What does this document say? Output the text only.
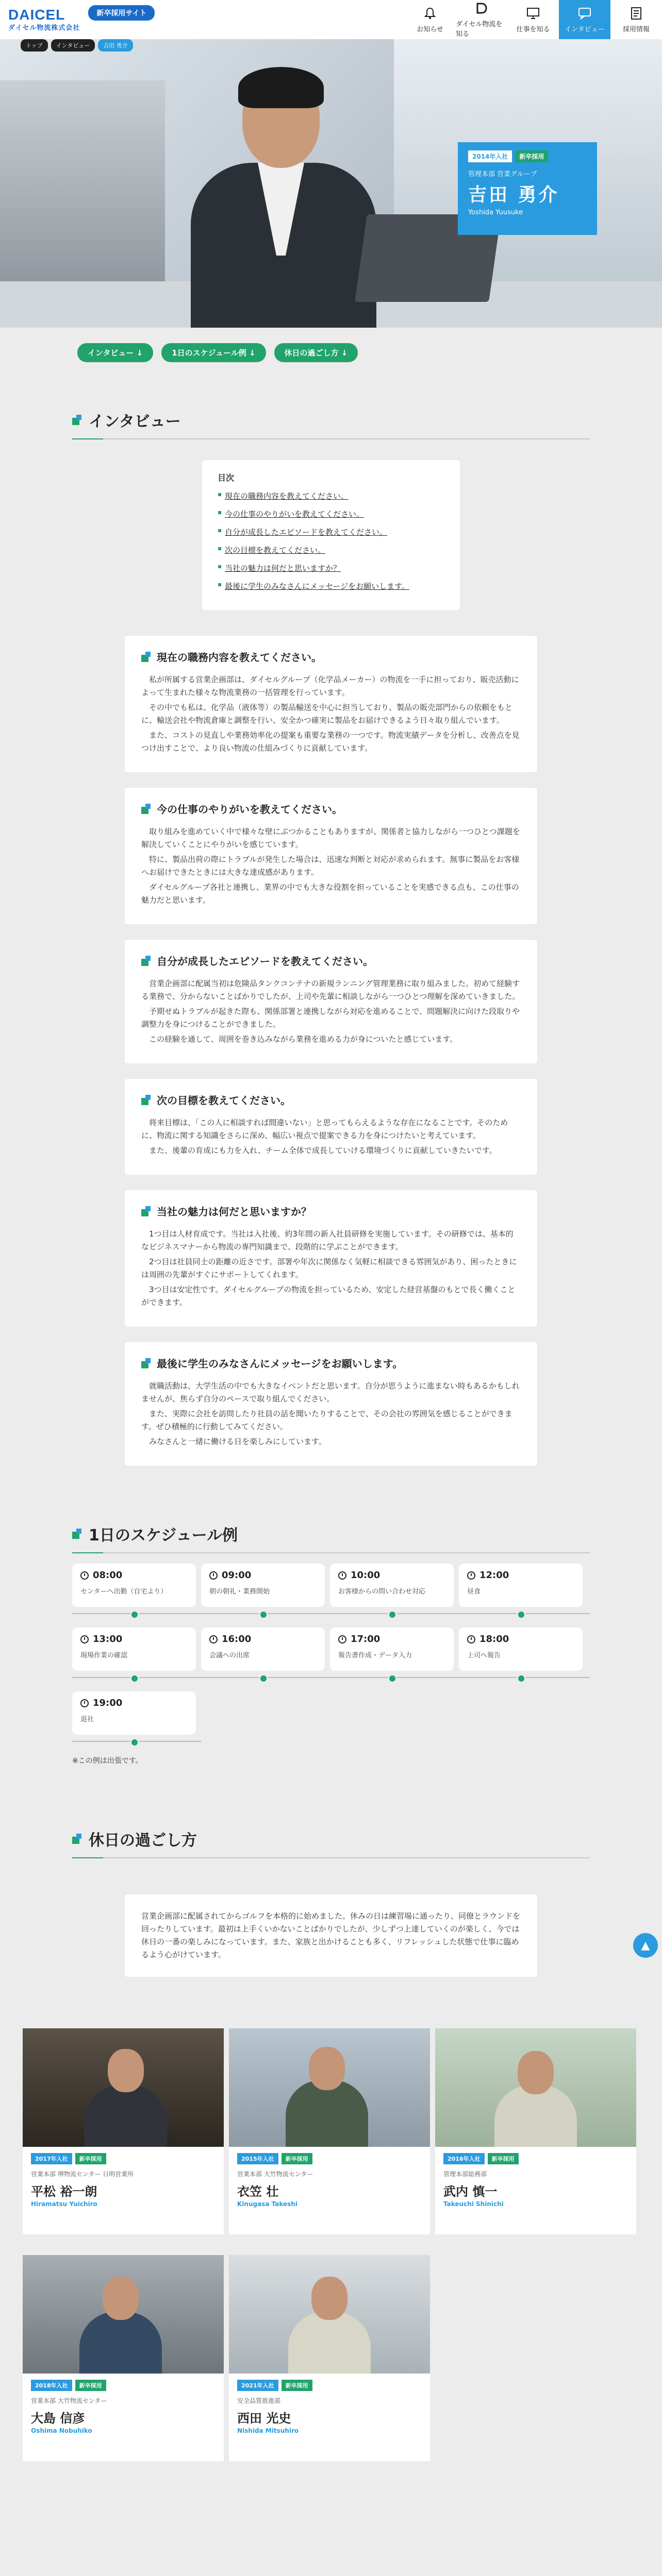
DAICEL
ダイセル物流株式会社
新卒採用サイト
お知らせ
ダイセル物流を知る
仕事を知る インタビュー	採用情報
トップ	インタビュー	吉田 勇介
2014年入社	新卒採用
管理本部 営業グループ
吉田 勇介
Yoshida Yuusuke
インタビュー ↓	1日のスケジュール例 ↓	休日の過ごし方 ↓
インタビュー
目次
▪ 現在の職務内容を教えてください。
▪ 今の仕事のやりがいを教えてください。
▪ 自分が成長したエピソードを教えてください。
▪ 次の目標を教えてください。
▪ 当社の魅力は何だと思いますか？
▪ 最後に学生のみなさんにメッセージをお願いします。
現在の職務内容を教えてください。

私が所属する営業企画部は、ダイセルグループ（化学品メーカー）の物流を一手に担っており、販売活動によって生まれた様々な物流業務の一括管理を行っています。

その中でも私は、化学品（液体等）の製品輸送を中心に担当しており、製品の販売部門からの依頼をもとに、輸送会社や物流倉庫と調整を行い、安全かつ確実に製品をお届けできるよう日々取り組んでいます。

また、コストの見直しや業務効率化の提案も重要な業務の一つです。物流実績データを分析し、改善点を見つけ出すことで、より良い物流の仕組みづくりに貢献しています。

今の仕事のやりがいを教えてください。

取り組みを進めていく中で様々な壁にぶつかることもありますが、関係者と協力しながら一つひとつ課題を解決していくことにやりがいを感じています。

特に、製品出荷の際にトラブルが発生した場合は、迅速な判断と対応が求められます。無事に製品をお客様へお届けできたときには大きな達成感があります。

ダイセルグループ各社と連携し、業界の中でも大きな役割を担っていることを実感できる点も、この仕事の魅力だと思います。

自分が成長したエピソードを教えてください。

営業企画部に配属当初は危険品タンクコンテナの新規ランニング管理業務に取り組みました。初めて経験する業務で、分からないことばかりでしたが、上司や先輩に相談しながら一つひとつ理解を深めていきました。

予期せぬトラブルが起きた際も、関係部署と連携しながら対応を進めることで、問題解決に向けた段取りや調整力を身につけることができました。

この経験を通して、周囲を巻き込みながら業務を進める力が身についたと感じています。

次の目標を教えてください。

将来目標は、「この人に相談すれば間違いない」と思ってもらえるような存在になることです。そのために、物流に関する知識をさらに深め、幅広い視点で提案できる力を身につけたいと考えています。

また、後輩の育成にも力を入れ、チーム全体で成長していける環境づくりに貢献していきたいです。

当社の魅力は何だと思いますか？

1つ目は人材育成です。当社は入社後、約3年間の新入社員研修を実施しています。その研修では、基本的なビジネスマナーから物流の専門知識まで、段階的に学ぶことができます。

2つ目は社員同士の距離の近さです。部署や年次に関係なく気軽に相談できる雰囲気があり、困ったときには周囲の先輩がすぐにサポートしてくれます。

3つ目は安定性です。ダイセルグループの物流を担っているため、安定した経営基盤のもとで長く働くことができます。

最後に学生のみなさんにメッセージをお願いします。

就職活動は、大学生活の中でも大きなイベントだと思います。自分が思うように進まない時もあるかもしれませんが、焦らず自分のペースで取り組んでください。

また、実際に会社を訪問したり社員の話を聞いたりすることで、その会社の雰囲気を感じることができます。ぜひ積極的に行動してみてください。

みなさんと一緒に働ける日を楽しみにしています。

1日のスケジュール例
08:00
センターへ出勤（自宅より）
09:00
朝の朝礼・業務開始
10:00
お客様からの問い合わせ対応
12:00
昼食
13:00
現場作業の確認
16:00
会議への出席
17:00
報告書作成・データ入力
18:00
上司へ報告
19:00
退社
※この例は出張です。
休日の過ごし方
営業企画部に配属されてからゴルフを本格的に始めました。休みの日は練習場に通ったり、同僚とラウンドを回ったりしています。最初は上手くいかないことばかりでしたが、少しずつ上達していくのが楽しく、今では休日の一番の楽しみになっています。また、家族と出かけることも多く、リフレッシュした状態で仕事に臨めるよう心がけています。
2017年入社	新卒採用
営業本部 堺物流センター 日明営業所
平松 裕一朗
Hiramatsu Yuichiro
2015年入社	新卒採用
営業本部 大竹物流センター
衣笠 壮
Kinugasa Takeshi
2016年入社	新卒採用
管理本部総務部
武内 慎一
Takeuchi Shinichi
2018年入社	新卒採用
営業本部 大竹物流センター
大島 信彦
Oshima Nobuhiko
2021年入社	新卒採用
安全品質推進部
西田 光史
Nishida Mitsuhiro
▲
